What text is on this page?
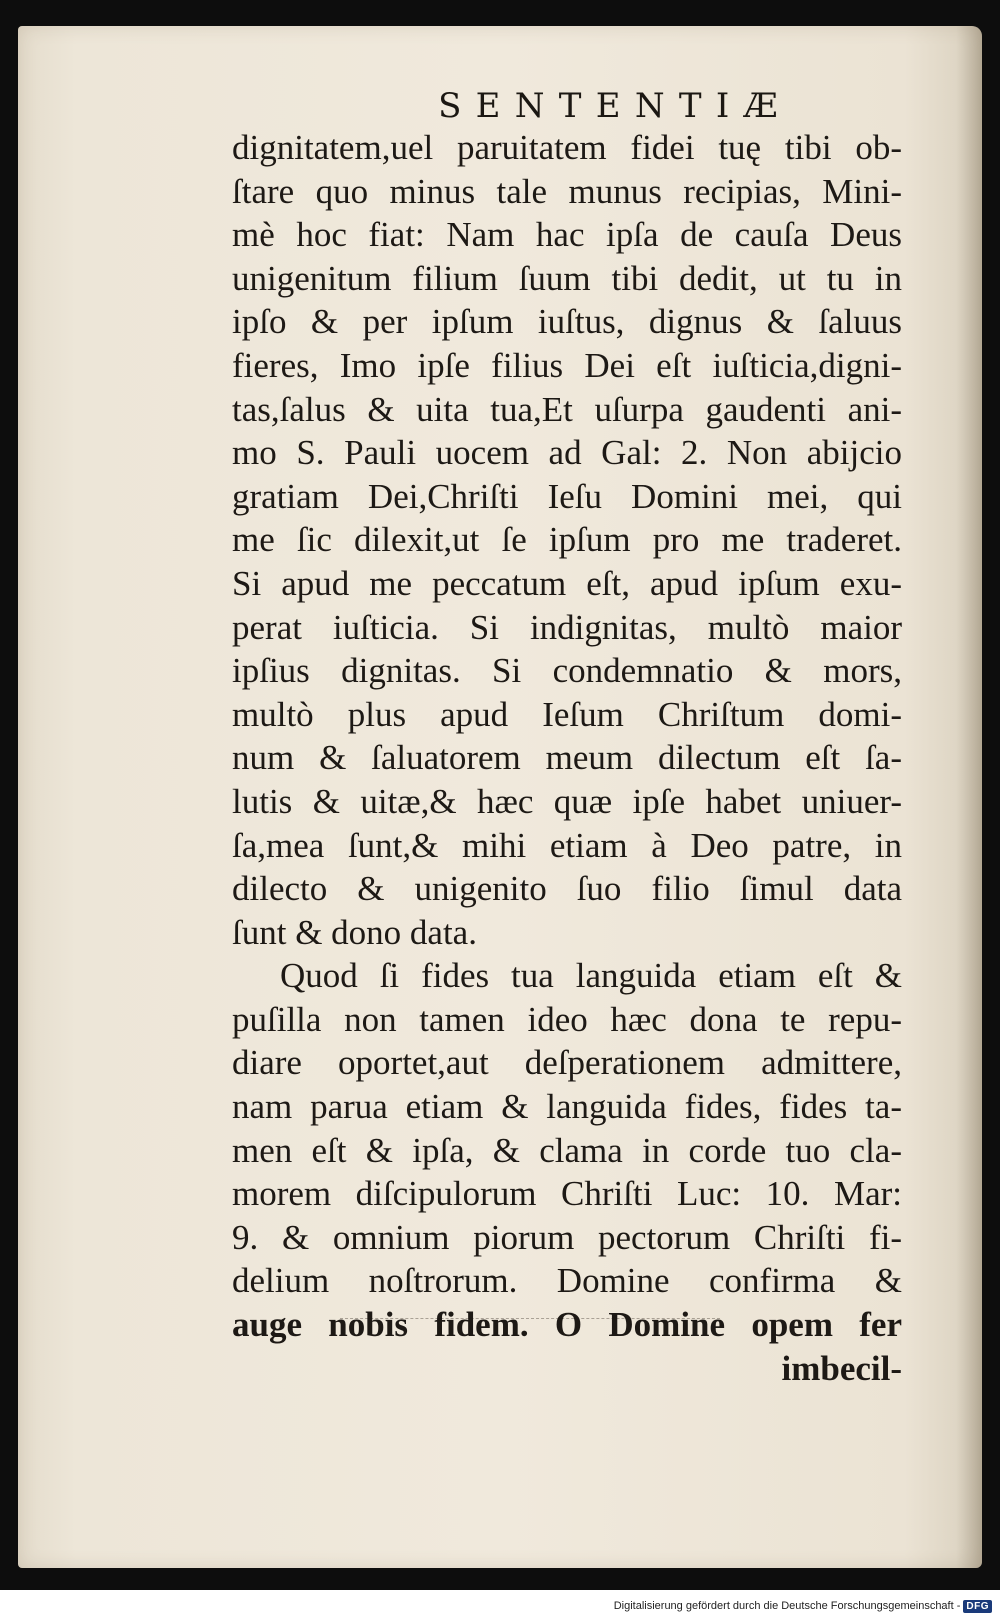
SENTENTIÆ
dignitatem,uel paruitatem fidei tuę tibi ob-
ſtare quo minus tale munus recipias, Mini-
mè hoc fiat: Nam hac ipſa de cauſa Deus
unigenitum filium ſuum tibi dedit, ut tu in
ipſo & per ipſum iuſtus, dignus & ſaluus
fieres, Imo ipſe filius Dei eſt iuſticia,digni-
tas,ſalus & uita tua,Et uſurpa gaudenti ani-
mo S. Pauli uocem ad Gal: 2. Non abijcio
gratiam Dei,Chriſti Ieſu Domini mei, qui
me ſic dilexit,ut ſe ipſum pro me traderet.
Si apud me peccatum eſt, apud ipſum exu-
perat iuſticia. Si indignitas, multò maior
ipſius dignitas. Si condemnatio & mors,
multò plus apud Ieſum Chriſtum domi-
num & ſaluatorem meum dilectum eſt ſa-
lutis & uitæ,& hæc quæ ipſe habet uniuer-
ſa,mea ſunt,& mihi etiam à Deo patre, in
dilecto & unigenito ſuo filio ſimul data
ſunt & dono data.
Quod ſi fides tua languida etiam eſt &
puſilla non tamen ideo hæc dona te repu-
diare oportet,aut deſperationem admittere,
nam parua etiam & languida fides, fides ta-
men eſt & ipſa, & clama in corde tuo cla-
morem diſcipulorum Chriſti Luc: 10. Mar:
9. & omnium piorum pectorum Chriſti fi-
delium noſtrorum. Domine confirma &
auge nobis fidem. O Domine opem fer
imbecil-
Digitalisierung gefördert durch die Deutsche Forschungsgemeinschaft - DFG
